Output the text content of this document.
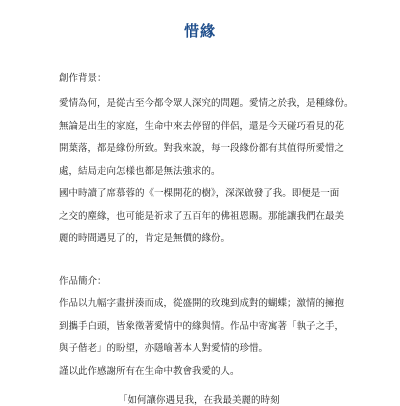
惜緣
創作背景：
愛情為何，是從古至今都令眾人深究的問題。愛情之於我，是種緣份。
無論是出生的家庭，生命中來去停留的伴侶，還是今天碰巧看見的花
開葉落，都是緣份所致。對我來說，每一段緣份都有其值得所愛惜之
處，結局走向怎樣也都是無法強求的。
國中時讀了席慕蓉的《一棵開花的樹》，深深啟發了我。即便是一面
之交的塵緣，也可能是祈求了五百年的佛祖恩賜。那能讓我們在最美
麗的時間遇見了的，肯定是無價的緣份。
作品簡介：
作品以九幅字畫拼湊而成，從盛開的玫瑰到成對的蝴蝶；激情的擁抱
到攜手白頭，皆象徵著愛情中的緣與情。作品中寄寓著「執子之手，
與子偕老」的盼望，亦隱喻著本人對愛情的珍惜。
謹以此作感謝所有在生命中教會我愛的人。
「如何讓你遇見我，在我最美麗的時刻
